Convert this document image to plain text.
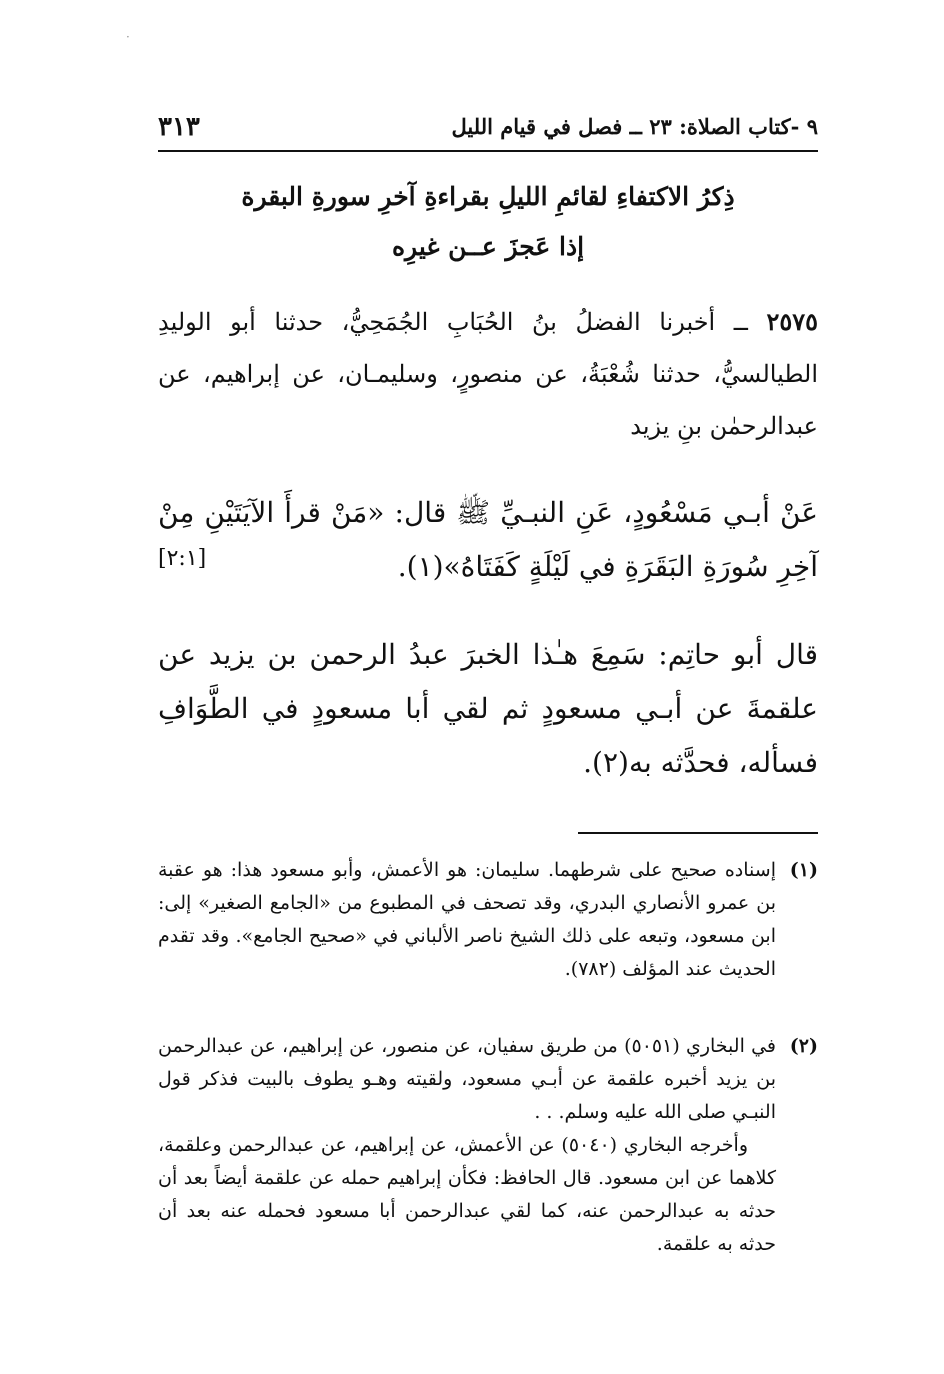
٩ -كتاب الصلاة: ٢٣ ــ فصل في قيام الليل
٣١٣
ذِكرُ الاكتفاءِ لقائمِ الليلِ بقراءةِ آخرِ سورةِ البقرة
إذا عَجزَ عــن غيرِه
٢٥٧٥ ــ أخبرنا الفضلُ بنُ الحُبَابِ الجُمَحِيُّ، حدثنا أبو الوليدِ الطيالسيُّ، حدثنا شُعْبَةُ، عن منصورٍ، وسليمـان، عن إبراهيم، عن عبدالرحمٰن بنِ يزيد
عَنْ أبـي مَسْعُودٍ، عَنِ النبـيِّ ﷺ قال: «مَنْ قرأَ الآيَتَيْنِ مِنْ آخِرِ سُورَةِ البَقَرَةِ في لَيْلَةٍ كَفَتَاهُ»(١).
[٢:١]
قال أبو حاتِم: سَمِعَ هـٰذا الخبرَ عبدُ الرحمن بن يزيد عن علقمةَ عن أبـي مسعودٍ ثم لقي أبا مسعودٍ في الطَّوَافِ فسأله، فحدَّثه به(٢).
(١)
إسناده صحيح على شرطهما. سليمان: هو الأعمش، وأبو مسعود هذا: هو عقبة بن عمرو الأنصاري البدري، وقد تصحف في المطبوع من «الجامع الصغير» إلى: ابن مسعود، وتبعه على ذلك الشيخ ناصر الألباني في «صحيح الجامع». وقد تقدم الحديث عند المؤلف (٧٨٢).
(٢)
في البخاري (٥٠٥١) من طريق سفيان، عن منصور، عن إبراهيم، عن عبدالرحمن بن يزيد أخبره علقمة عن أبـي مسعود، ولقيته وهـو يطوف بالبيت فذكر قول النبـي صلى الله عليه وسلم. . .
وأخرجه البخاري (٥٠٤٠) عن الأعمش، عن إبراهيم، عن عبدالرحمن وعلقمة، كلاهما عن ابن مسعود. قال الحافظ: فكأن إبراهيم حمله عن علقمة أيضاً بعد أن حدثه به عبدالرحمن عنه، كما لقي عبدالرحمن أبا مسعود فحمله عنه بعد أن حدثه به علقمة.
·
